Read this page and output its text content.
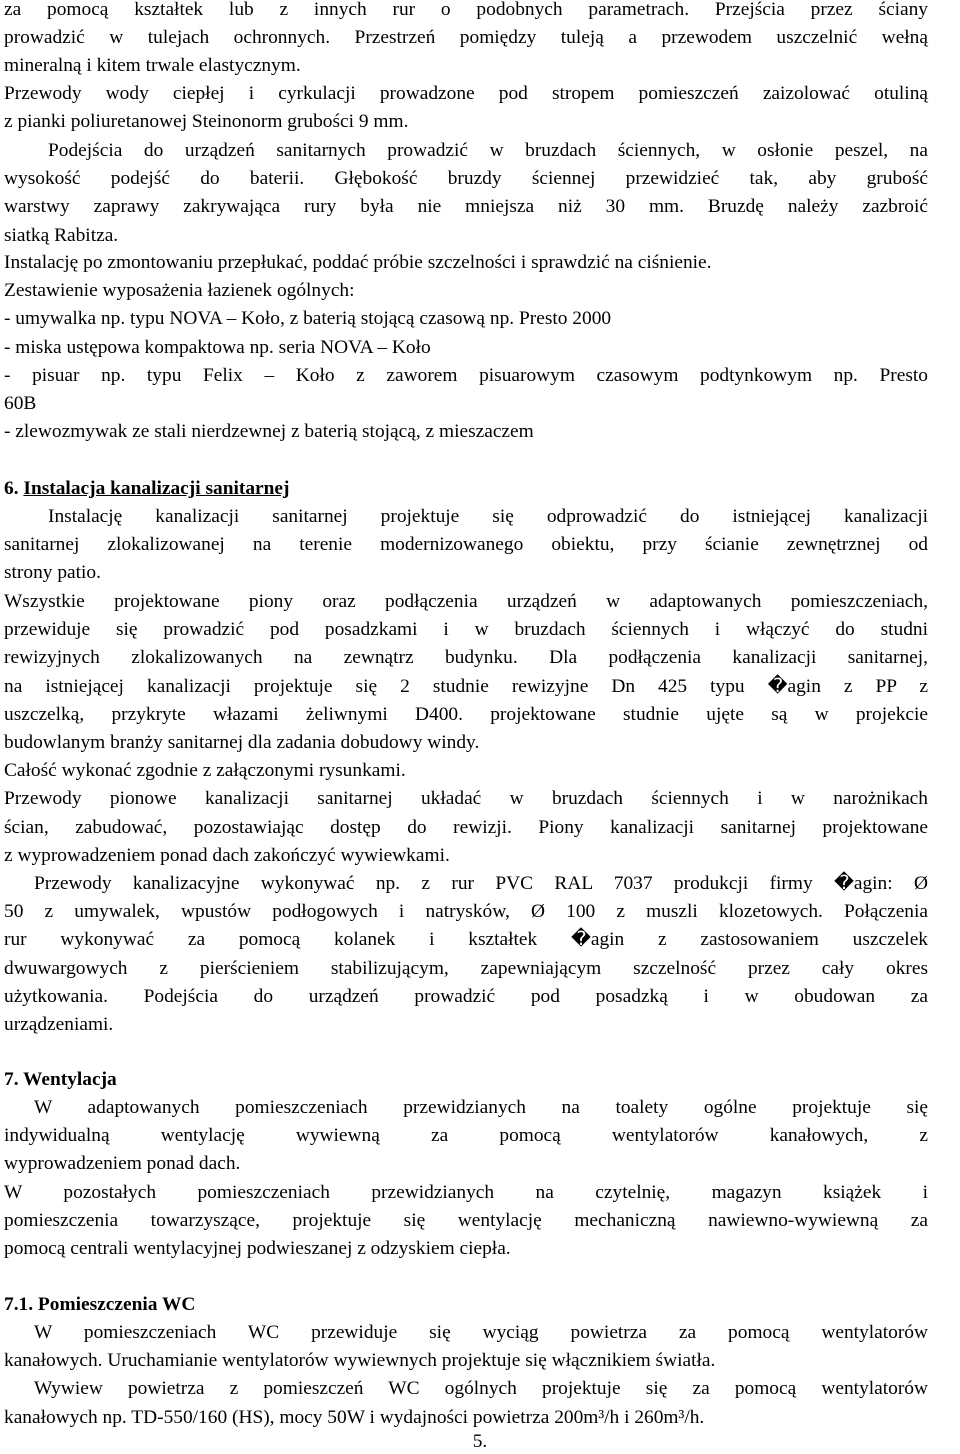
za pomocą kształtek lub z innych rur o podobnych parametrach. Przejścia przez ściany
prowadzić w tulejach ochronnych. Przestrzeń pomiędzy tuleją a przewodem uszczelnić wełną
mineralną i kitem trwale elastycznym.
Przewody wody ciepłej i cyrkulacji prowadzone pod stropem pomieszczeń zaizolować otuliną
z pianki poliuretanowej Steinonorm grubości 9 mm.
Podejścia do urządzeń sanitarnych prowadzić w bruzdach ściennych, w osłonie peszel, na
wysokość podejść do baterii. Głębokość bruzdy ściennej przewidzieć tak, aby grubość
warstwy zaprawy zakrywająca rury była nie mniejsza niż 30 mm. Bruzdę należy zazbroić
siatką Rabitza.
Instalację po zmontowaniu przepłukać, poddać próbie szczelności i sprawdzić na ciśnienie.
Zestawienie wyposażenia łazienek ogólnych:
- umywalka np. typu NOVA – Koło, z baterią stojącą czasową np. Presto 2000
- miska ustępowa kompaktowa np. seria NOVA – Koło
- pisuar np. typu Felix – Koło z zaworem pisuarowym czasowym podtynkowym np. Presto
60B
- zlewozmywak ze stali nierdzewnej z baterią stojącą, z mieszaczem
6. Instalacja kanalizacji sanitarnej
Instalację kanalizacji sanitarnej projektuje się odprowadzić do istniejącej kanalizacji
sanitarnej zlokalizowanej na terenie modernizowanego obiektu, przy ścianie zewnętrznej od
strony patio.
Wszystkie projektowane piony oraz podłączenia urządzeń w adaptowanych pomieszczeniach,
przewiduje się prowadzić pod posadzkami i w bruzdach ściennych i włączyć do studni
rewizyjnych zlokalizowanych na zewnątrz budynku. Dla podłączenia kanalizacji sanitarnej,
na istniejącej kanalizacji projektuje się 2 studnie rewizyjne Dn 425 typu �agin z PP z
uszczelką, przykryte włazami żeliwnymi D400. projektowane studnie ujęte są w projekcie
budowlanym branży sanitarnej dla zadania dobudowy windy.
Całość wykonać zgodnie z załączonymi rysunkami.
Przewody pionowe kanalizacji sanitarnej układać w bruzdach ściennych i w narożnikach
ścian, zabudować, pozostawiając dostęp do rewizji. Piony kanalizacji sanitarnej projektowane
z wyprowadzeniem ponad dach zakończyć wywiewkami.
Przewody kanalizacyjne wykonywać np. z rur PVC RAL 7037 produkcji firmy �agin: Ø
50 z umywalek, wpustów podłogowych i natrysków, Ø 100 z muszli klozetowych. Połączenia
rur wykonywać za pomocą kolanek i kształtek �agin z zastosowaniem uszczelek
dwuwargowych z pierścieniem stabilizującym, zapewniającym szczelność przez cały okres
użytkowania. Podejścia do urządzeń prowadzić pod posadzką i w obudowan za
urządzeniami.
7. Wentylacja
W adaptowanych pomieszczeniach przewidzianych na toalety ogólne projektuje się
indywidualną wentylację wywiewną za pomocą wentylatorów kanałowych, z
wyprowadzeniem ponad dach.
W pozostałych pomieszczeniach przewidzianych na czytelnię, magazyn książek i
pomieszczenia towarzyszące, projektuje się wentylację mechaniczną nawiewno-wywiewną za
pomocą centrali wentylacyjnej podwieszanej z odzyskiem ciepła.
7.1. Pomieszczenia WC
W pomieszczeniach WC przewiduje się wyciąg powietrza za pomocą wentylatorów
kanałowych. Uruchamianie wentylatorów wywiewnych projektuje się włącznikiem światła.
Wywiew powietrza z pomieszczeń WC ogólnych projektuje się za pomocą wentylatorów
kanałowych np. TD-550/160 (HS), mocy 50W i wydajności powietrza 200m³/h i 260m³/h.
5.
